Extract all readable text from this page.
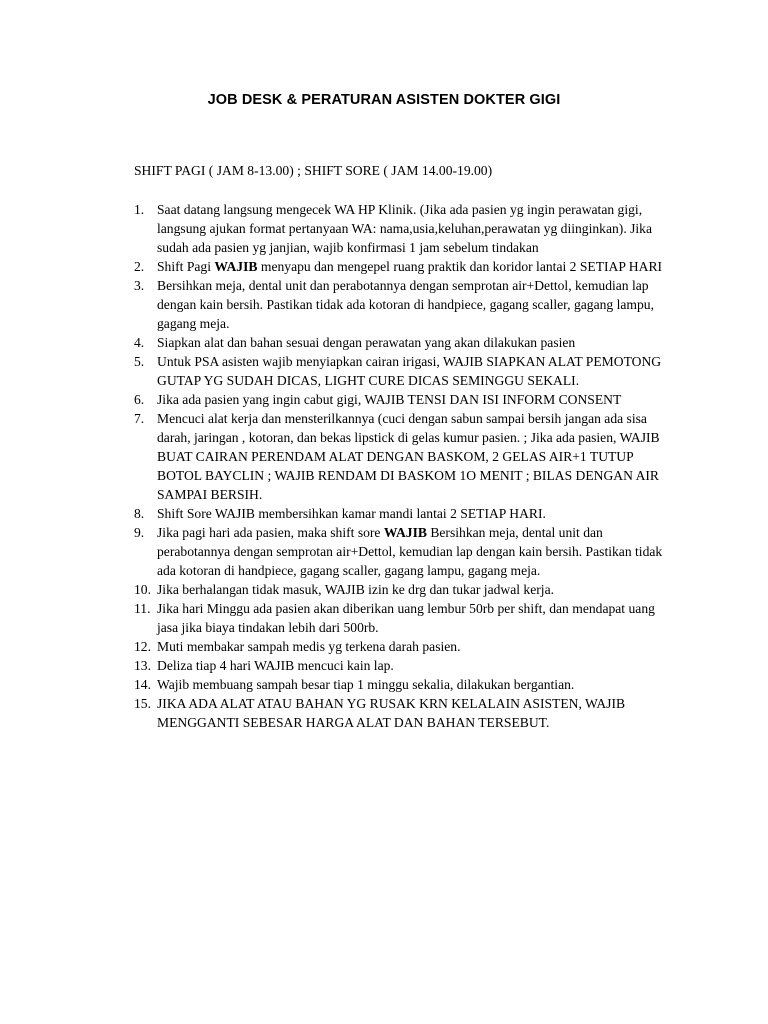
JOB DESK & PERATURAN ASISTEN DOKTER GIGI
SHIFT PAGI ( JAM 8-13.00) ; SHIFT SORE ( JAM 14.00-19.00)
1. Saat datang langsung mengecek WA HP Klinik. (Jika ada pasien yg ingin perawatan gigi, langsung ajukan format pertanyaan WA: nama,usia,keluhan,perawatan yg diinginkan). Jika sudah ada pasien yg janjian, wajib konfirmasi 1 jam sebelum tindakan
2. Shift Pagi WAJIB menyapu dan mengepel ruang praktik dan koridor lantai 2 SETIAP HARI
3. Bersihkan meja, dental unit dan perabotannya dengan semprotan air+Dettol, kemudian lap dengan kain bersih. Pastikan tidak ada kotoran di handpiece, gagang scaller, gagang lampu, gagang meja.
4. Siapkan alat dan bahan sesuai dengan perawatan yang akan dilakukan pasien
5. Untuk PSA asisten wajib menyiapkan cairan irigasi, WAJIB SIAPKAN ALAT PEMOTONG GUTAP YG SUDAH DICAS, LIGHT CURE DICAS SEMINGGU SEKALI.
6. Jika ada pasien yang ingin cabut gigi, WAJIB TENSI DAN ISI INFORM CONSENT
7. Mencuci alat kerja dan mensterilkannya (cuci dengan sabun sampai bersih jangan ada sisa darah, jaringan , kotoran, dan bekas lipstick di gelas kumur pasien. ; Jika ada pasien, WAJIB BUAT CAIRAN PERENDAM ALAT DENGAN BASKOM, 2 GELAS AIR+1 TUTUP BOTOL BAYCLIN ; WAJIB RENDAM DI BASKOM 1O MENIT ; BILAS DENGAN AIR SAMPAI BERSIH.
8. Shift Sore WAJIB membersihkan kamar mandi lantai 2 SETIAP HARI.
9. Jika pagi hari ada pasien, maka shift sore WAJIB Bersihkan meja, dental unit dan perabotannya dengan semprotan air+Dettol, kemudian lap dengan kain bersih. Pastikan tidak ada kotoran di handpiece, gagang scaller, gagang lampu, gagang meja.
10. Jika berhalangan tidak masuk, WAJIB izin ke drg dan tukar jadwal kerja.
11. Jika hari Minggu ada pasien akan diberikan uang lembur 50rb per shift, dan mendapat uang jasa jika biaya tindakan lebih dari 500rb.
12. Muti membakar sampah medis yg terkena darah pasien.
13. Deliza tiap 4 hari WAJIB mencuci kain lap.
14. Wajib membuang sampah besar tiap 1 minggu sekalia, dilakukan bergantian.
15. JIKA ADA ALAT ATAU BAHAN YG RUSAK KRN KELALAIN ASISTEN, WAJIB MENGGANTI SEBESAR HARGA ALAT DAN BAHAN TERSEBUT.
